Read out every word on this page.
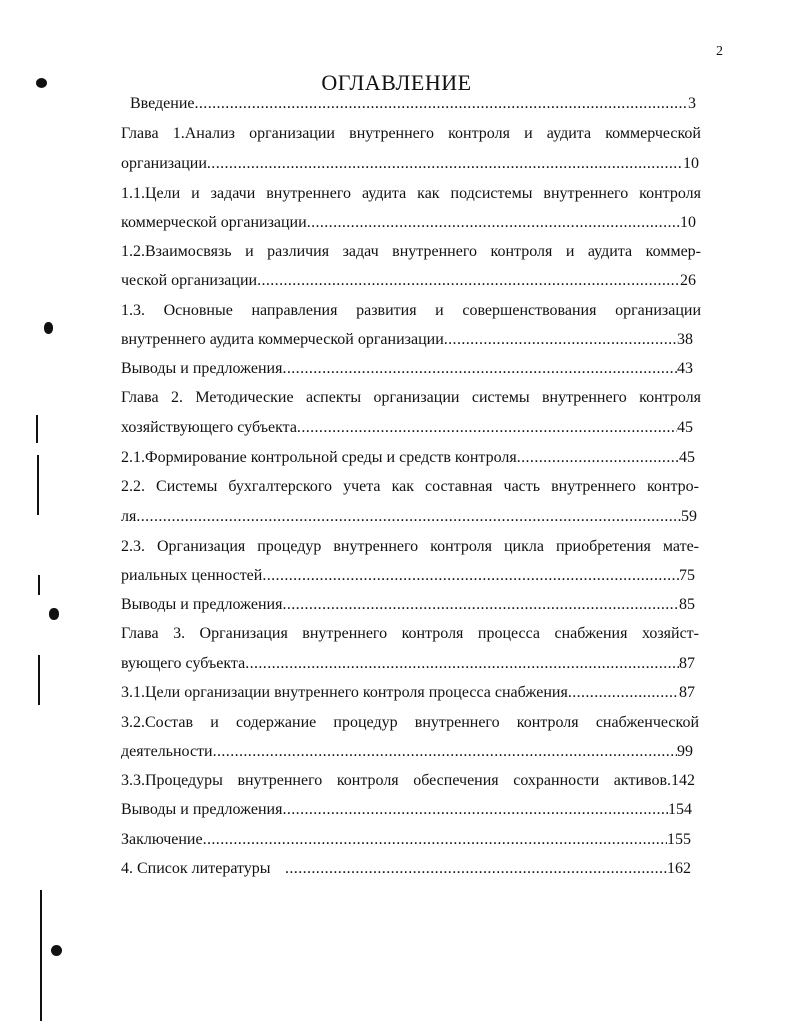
2
ОГЛАВЛЕНИЕ
Введение .....	3
Глава 1.Анализ организации внутреннего контроля и аудита коммерческой
организации .....	10
1.1.Цели и задачи внутреннего аудита как подсистемы внутреннего контроля
коммерческой организации .....	10
1.2.Взаимосвязь и различия задач внутреннего контроля и аудита коммер-
ческой организации .....	26
1.3. Основные направления развития и совершенствования организации
внутреннего аудита коммерческой организации .....	38
Выводы и предложения .....	43
Глава 2. Методические аспекты организации системы внутреннего контроля
хозяйствующего субъекта .....	45
2.1.Формирование контрольной среды и средств контроля .....	45
2.2. Системы бухгалтерского учета как составная часть внутреннего контро-
ля .....	59
2.3. Организация процедур внутреннего контроля цикла приобретения мате-
риальных ценностей .....	75
Выводы и предложения .....	85
Глава 3. Организация внутреннего контроля процесса снабжения хозяйст-
вующего субъекта .....	87
3.1.Цели организации внутреннего контроля процесса снабжения .....	87
3.2.Состав и содержание процедур внутреннего контроля снабженческой
деятельности .....	99
3.3.Процедуры внутреннего контроля обеспечения сохранности активов.142
Выводы и предложения .....	154
Заключение .....	155
4. Список литературы .....	162
